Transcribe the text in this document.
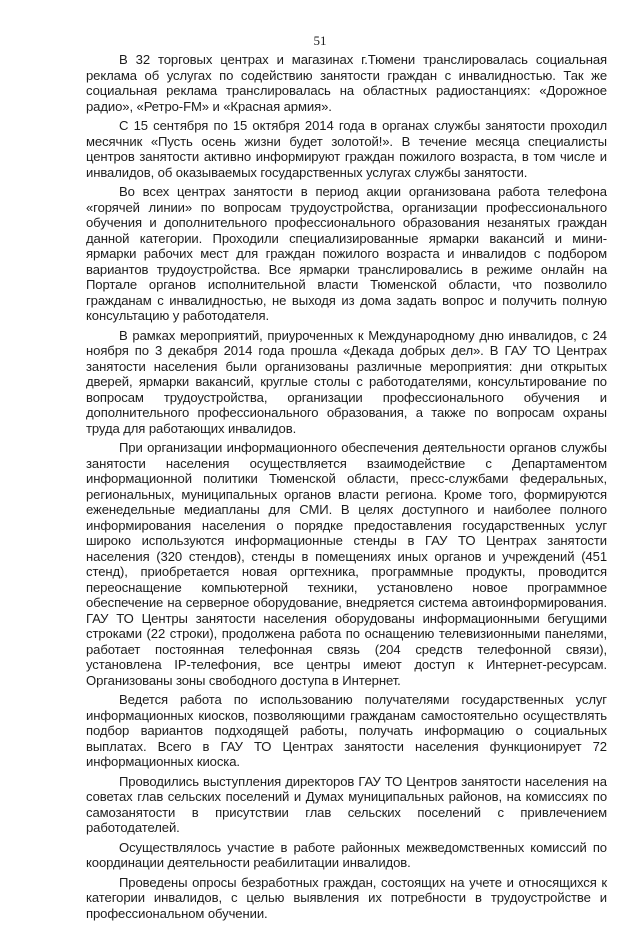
51

В 32 торговых центрах и магазинах г.Тюмени транслировалась социальная реклама об услугах по содействию занятости граждан с инвалидностью. Так же социальная реклама транслировалась на областных радиостанциях: «Дорожное радио», «Ретро-FM» и «Красная армия».

С 15 сентября по 15 октября 2014 года в органах службы занятости проходил месячник «Пусть осень жизни будет золотой!». В течение месяца специалисты центров занятости активно информируют граждан пожилого возраста, в том числе и инвалидов, об оказываемых государственных услугах службы занятости.

Во всех центрах занятости в период акции организована работа телефона «горячей линии» по вопросам трудоустройства, организации профессионального обучения и дополнительного профессионального образования незанятых граждан данной категории. Проходили специализированные ярмарки вакансий и мини-ярмарки рабочих мест для граждан пожилого возраста и инвалидов с подбором вариантов трудоустройства. Все ярмарки транслировались в режиме онлайн на Портале органов исполнительной власти Тюменской области, что позволило гражданам с инвалидностью, не выходя из дома задать вопрос и получить полную консультацию у работодателя.

В рамках мероприятий, приуроченных к Международному дню инвалидов, с 24 ноября по 3 декабря 2014 года прошла «Декада добрых дел». В ГАУ ТО Центрах занятости населения были организованы различные мероприятия: дни открытых дверей, ярмарки вакансий, круглые столы с работодателями, консультирование по вопросам трудоустройства, организации профессионального обучения и дополнительного профессионального образования, а также по вопросам охраны труда для работающих инвалидов.

При организации информационного обеспечения деятельности органов службы занятости населения осуществляется взаимодействие с Департаментом информационной политики Тюменской области, пресс-службами федеральных, региональных, муниципальных органов власти региона. Кроме того, формируются еженедельные медиапланы для СМИ. В целях доступного и наиболее полного информирования населения о порядке предоставления государственных услуг широко используются информационные стенды в ГАУ ТО Центрах занятости населения (320 стендов), стенды в помещениях иных органов и учреждений (451 стенд), приобретается новая оргтехника, программные продукты, проводится переоснащение компьютерной техники, установлено новое программное обеспечение на серверное оборудование, внедряется система автоинформирования. ГАУ ТО Центры занятости населения оборудованы информационными бегущими строками (22 строки), продолжена работа по оснащению телевизионными панелями, работает постоянная телефонная связь (204 средств телефонной связи), установлена IP-телефония, все центры имеют доступ к Интернет-ресурсам. Организованы зоны свободного доступа в Интернет.

Ведется работа по использованию получателями государственных услуг информационных киосков, позволяющими гражданам самостоятельно осуществлять подбор вариантов подходящей работы, получать информацию о социальных выплатах. Всего в ГАУ ТО Центрах занятости населения функционирует 72 информационных киоска.

Проводились выступления директоров ГАУ ТО Центров занятости населения на советах глав сельских поселений и Думах муниципальных районов, на комиссиях по самозанятости в присутствии глав сельских поселений с привлечением работодателей.

Осуществлялось участие в работе районных межведомственных комиссий по координации деятельности реабилитации инвалидов.

Проведены опросы безработных граждан, состоящих на учете и относящихся к категории инвалидов, с целью выявления их потребности в трудоустройстве и профессиональном обучении.
